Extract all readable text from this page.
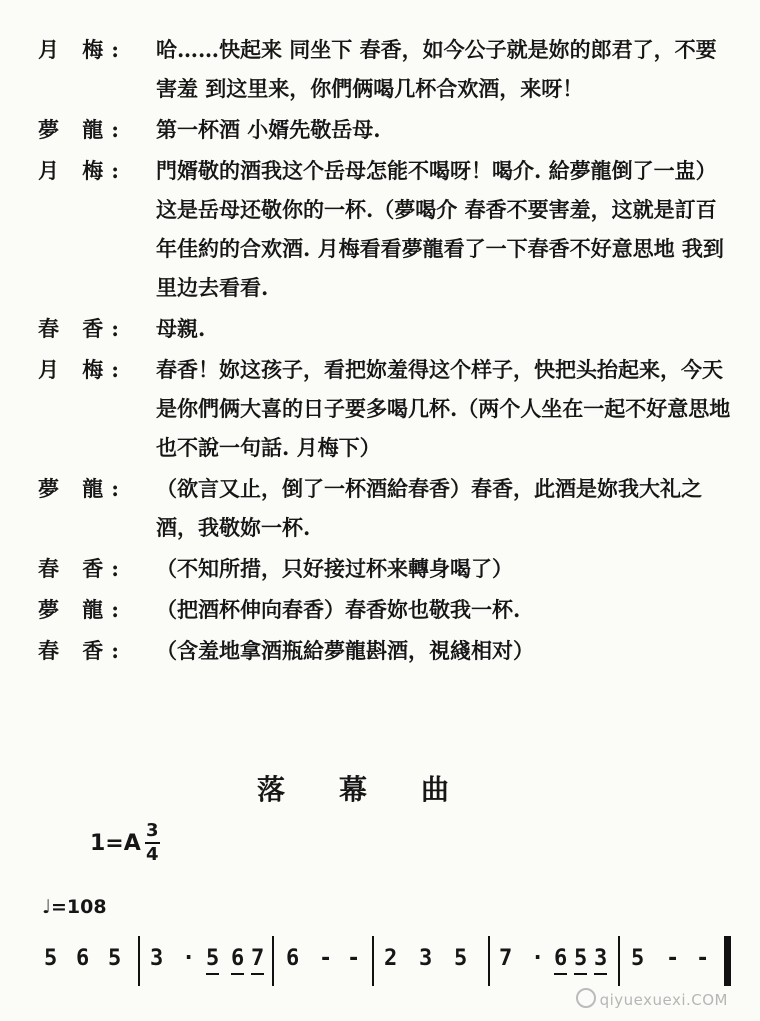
月 梅:	哈……快起来 同坐下 春香，如今公子就是妳的郎君了，不要害羞 到这里来，你們俩喝几杯合欢酒，来呀！
夢 龍:	第一杯酒 小婿先敬岳母.
月 梅:	門婿敬的酒我这个岳母怎能不喝呀！喝介. 給夢龍倒了一盅）这是岳母还敬你的一杯.（夢喝介 春香不要害羞，这就是訂百年佳約的合欢酒. 月梅看看夢龍看了一下春香不好意思地 我到里边去看看.
春 香:	母親.
月 梅:	春香！妳这孩子，看把妳羞得这个样子，快把头抬起来，今天是你們俩大喜的日子要多喝几杯.（两个人坐在一起不好意思地也不說一句話. 月梅下）
夢 龍:	（欲言又止，倒了一杯酒給春香）春香，此酒是妳我大礼之酒，我敬妳一杯.
春 香:	（不知所措，只好接过杯来轉身喝了）
夢 龍:	（把酒杯伸向春香）春香妳也敬我一杯.
春 香:	（含羞地拿酒瓶給夢龍斟酒，視綫相对）
落幕曲
1=A 3
4
♩=108
5 6 5 3 · 5 6 7 6 - - 2 3 5 7 · 6 5 3 5 - -
qiyuexuexi.COM
